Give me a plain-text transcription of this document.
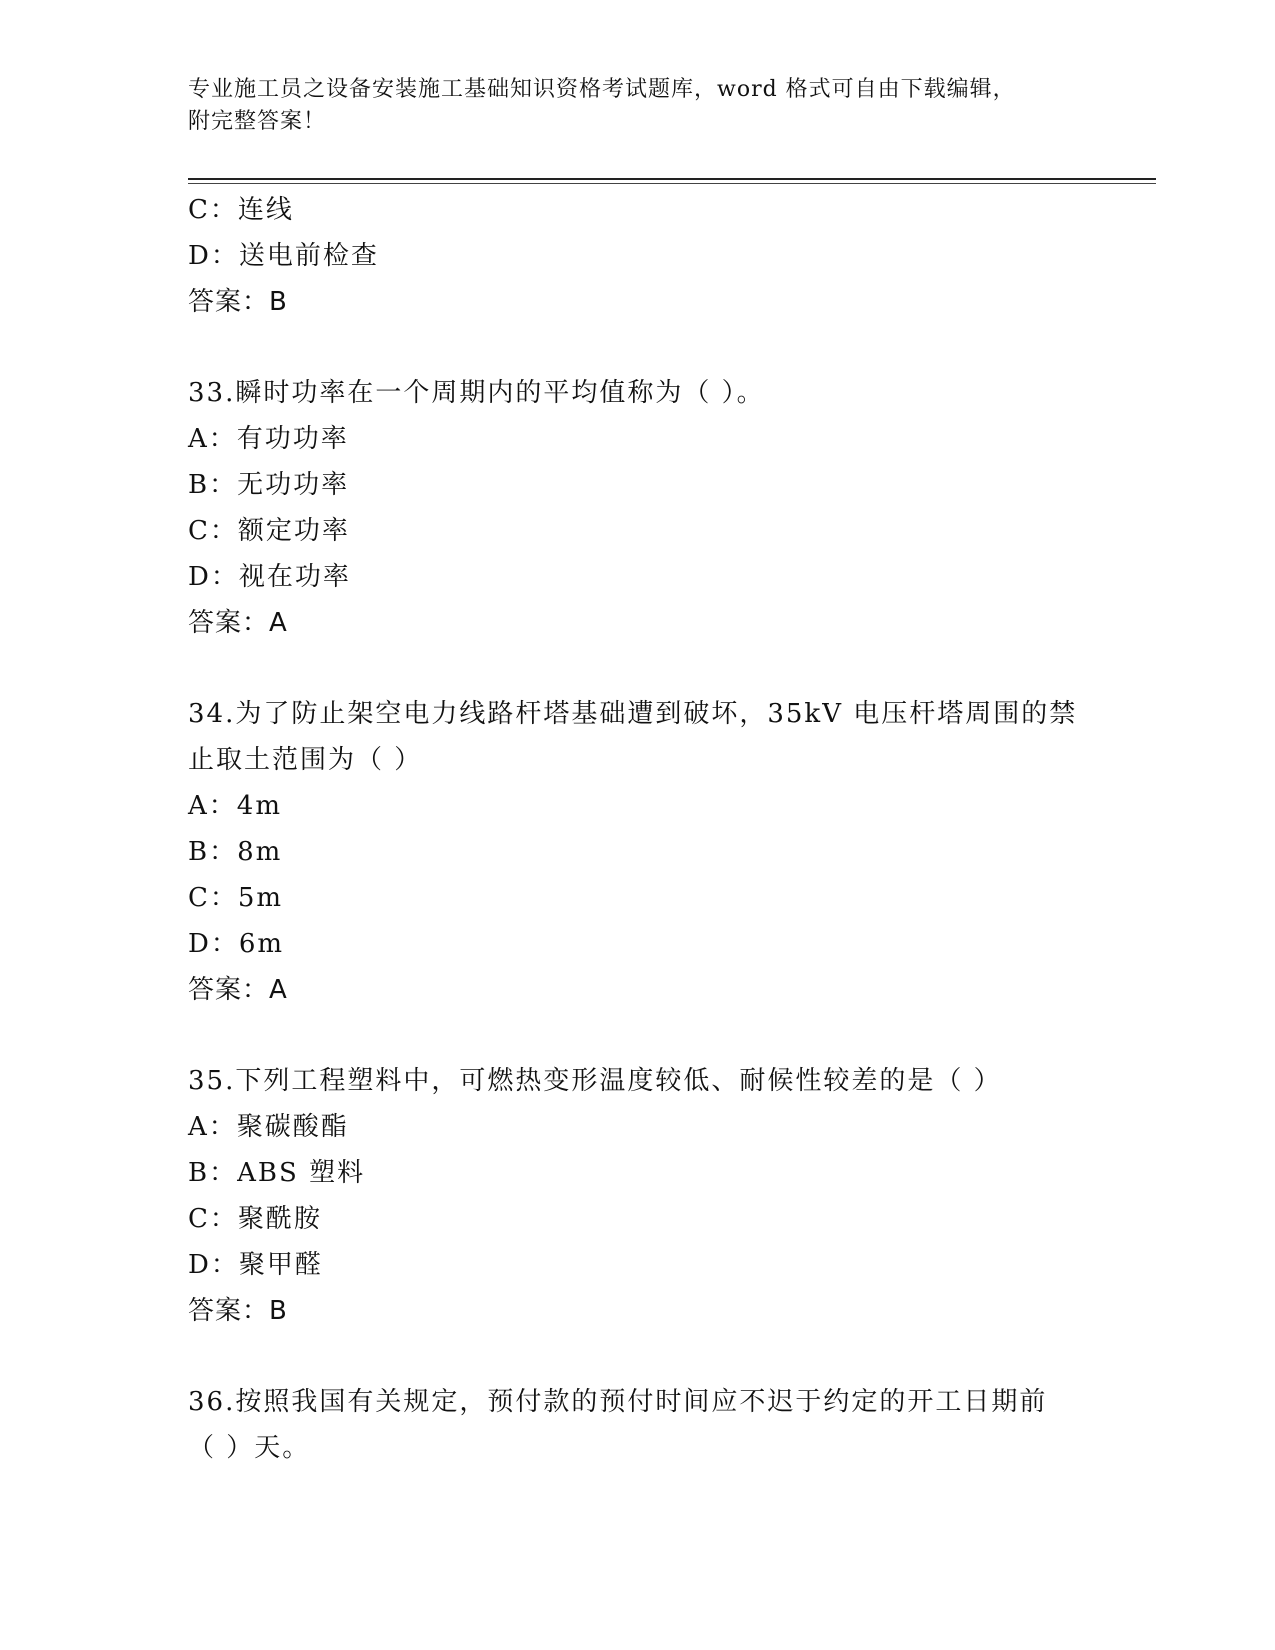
专业施工员之设备安装施工基础知识资格考试题库，word 格式可自由下载编辑，
附完整答案！
C：连线
D：送电前检查
答案：B
33.瞬时功率在一个周期内的平均值称为（ ）。
A：有功功率
B：无功功率
C：额定功率
D：视在功率
答案：A
34.为了防止架空电力线路杆塔基础遭到破坏，35kV 电压杆塔周围的禁
止取土范围为（ ）
A：4m
B：8m
C：5m
D：6m
答案：A
35.下列工程塑料中，可燃热变形温度较低、耐候性较差的是（ ）
A：聚碳酸酯
B：ABS 塑料
C：聚酰胺
D：聚甲醛
答案：B
36.按照我国有关规定，预付款的预付时间应不迟于约定的开工日期前
（ ）天。
